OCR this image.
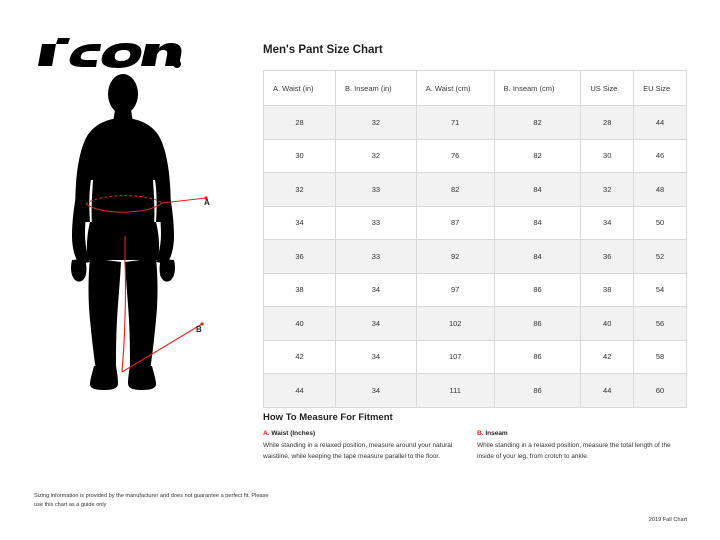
A
B
Men's Pant Size Chart
A. Waist (in)	B. Inseam (in)	A. Waist (cm)	B. Inseam (cm)	US Size	EU Size
28	32	71	82	28	44
30	32	76	82	30	46
32	33	82	84	32	48
34	33	87	84	34	50
36	33	92	84	36	52
38	34	97	86	38	54
40	34	102	86	40	56
42	34	107	86	42	58
44	34	111	86	44	60
How To Measure For Fitment
A. Waist (Inches)
While standing in a relaxed position, measure around your natural waistline, while keeping the tape measure parallel to the floor.
B. Inseam
While standing in a relaxed position, measure the total length of the inside of your leg, from crotch to ankle.
Sizing information is provided by the manufacturer and does not guarantee a perfect fit. Please use this chart as a guide only
2019 Fall Chart
